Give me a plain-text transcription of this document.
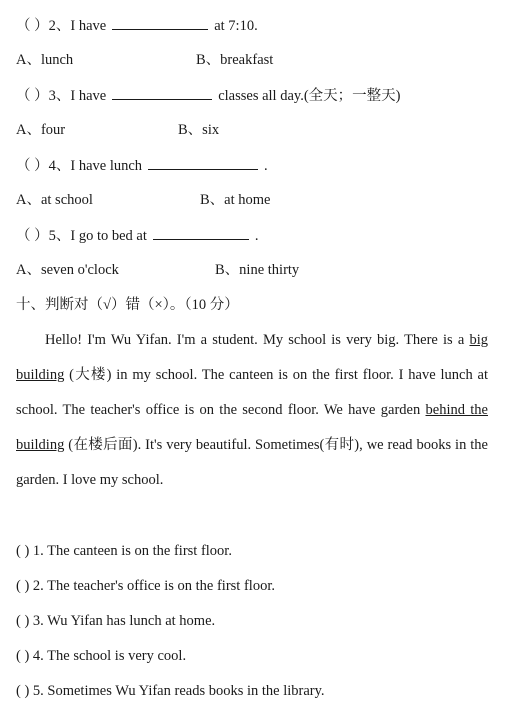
（ ）2、I have	at 7:10.
A、lunch	B、breakfast
（ ）3、I have	classes all day.(全天；一整天)
A、four	B、six
（ ）4、I have lunch	.
A、at school	B、at home
（ ）5、I go to bed at	.
A、seven o'clock	B、nine thirty
十、判断对（√）错（×）。（10 分）

Hello! I'm Wu Yifan. I'm a student. My school is very big. There is a big building (大楼) in my school. The canteen is on the first floor. I have lunch at school. The teacher's office is on the second floor. We have garden behind the building (在楼后面). It's very beautiful. Sometimes(有时), we read books in the garden. I love my school.

( ) 1. The canteen is on the first floor.
( ) 2. The teacher's office is on the first floor.
( ) 3. Wu Yifan has lunch at home.
( ) 4. The school is very cool.
( ) 5. Sometimes Wu Yifan reads books in the library.
